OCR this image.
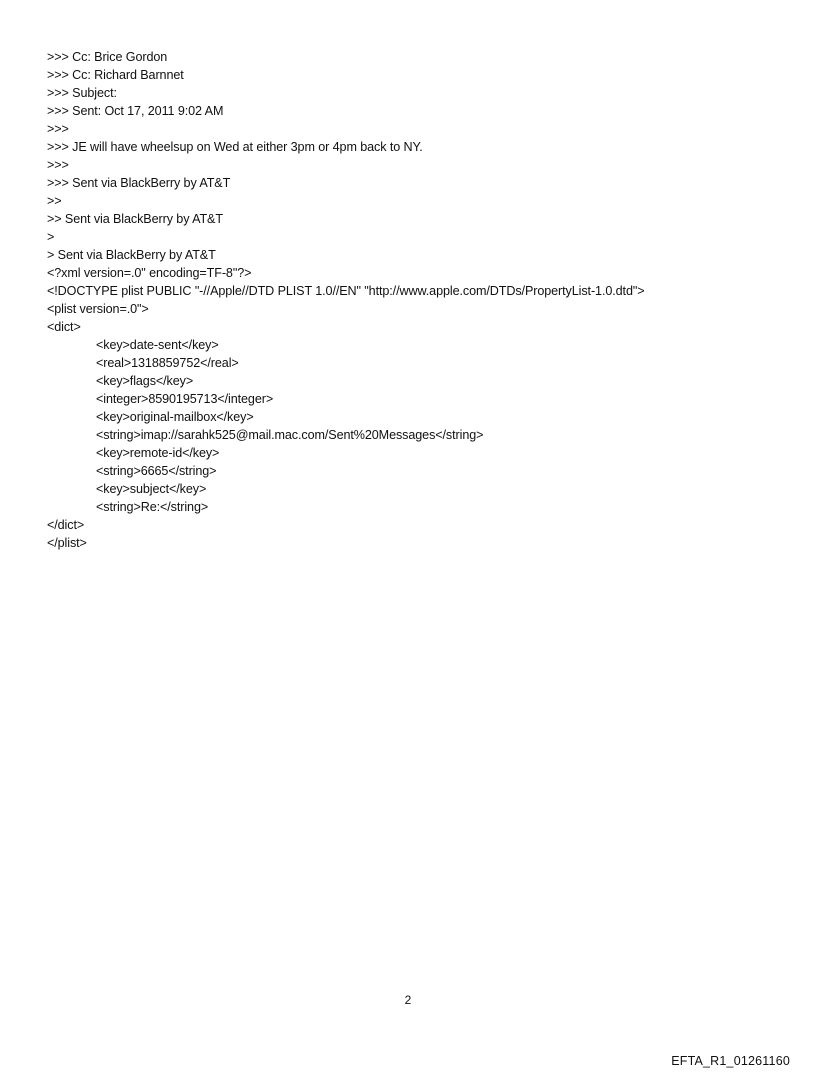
>>> Cc: Brice Gordon
>>> Cc: Richard Barnnet
>>> Subject:
>>> Sent: Oct 17, 2011 9:02 AM
>>>
>>> JE will have wheelsup on Wed at either 3pm or 4pm back to NY.
>>>
>>> Sent via BlackBerry by AT&T
>>
>> Sent via BlackBerry by AT&T
>
> Sent via BlackBerry by AT&T
<?xml version=.0" encoding=TF-8"?>
<!DOCTYPE plist PUBLIC "-//Apple//DTD PLIST 1.0//EN" "http://www.apple.com/DTDs/PropertyList-1.0.dtd">
<plist version=.0">
<dict>
<key>date-sent</key>
<real>1318859752</real>
<key>flags</key>
<integer>8590195713</integer>
<key>original-mailbox</key>
<string>imap://sarahk525@mail.mac.com/Sent%20Messages</string>
<key>remote-id</key>
<string>6665</string>
<key>subject</key>
<string>Re:</string>
</dict>
</plist>
2
EFTA_R1_01261160
